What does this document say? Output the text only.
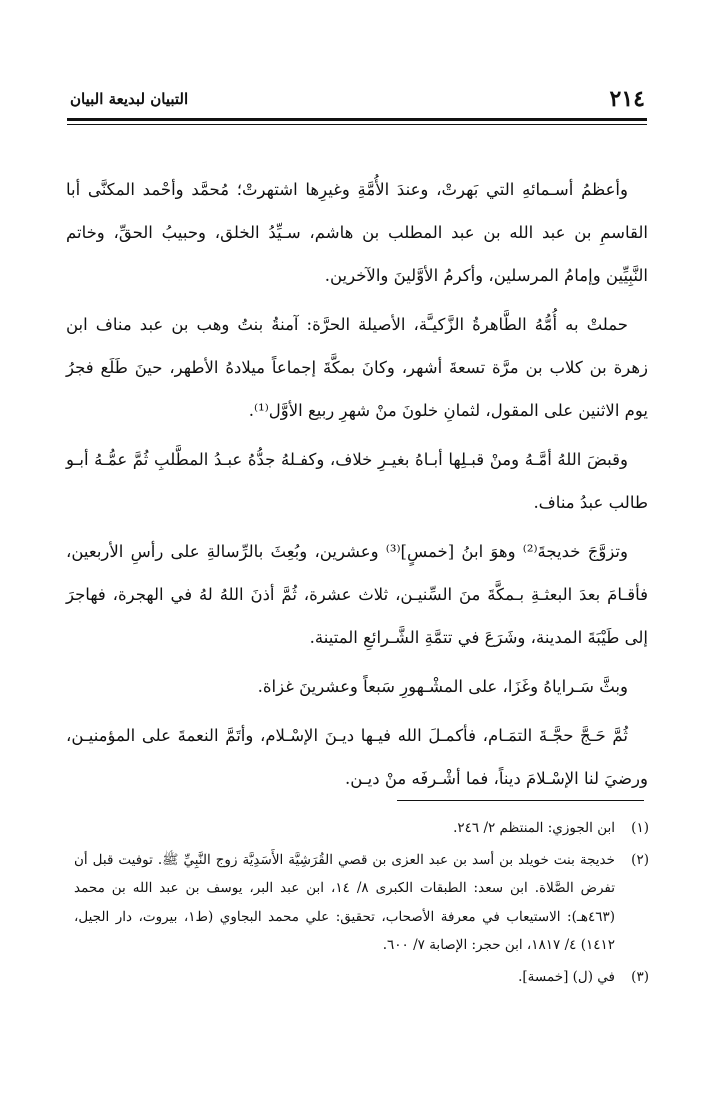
٢١٤
التبيان لبديعة البيان

وأعظمُ أسـمائهِ التي بَهرتْ، وعندَ الأُمَّةِ وغيرِها اشتهرتْ؛ مُحمَّد وأحْمد المكنَّى أبا القاسمِ بن عبد الله بن عبد المطلب بن هاشم، سـيِّدُ الخلق، وحبيبُ الحقِّ، وخاتم النَّبِيِّين وإمامُ المرسلين، وأكرمُ الأوَّلينَ والآخرين.

حملتْ به أُمُّهُ الطَّاهرةُ الزَّكيـَّة، الأصيلة الحرَّة: آمنةُ بنتُ وهب بن عبد مناف ابن زهرة بن كلاب بن مرَّة تسعةَ أشهر، وكانَ بمكَّةَ إجماعاً ميلادهُ الأطهر، حينَ طَلَع فجرُ يوم الاثنين على المقول، لثمانِ خلونَ منْ شهرِ ربيع الأوَّل⁽¹⁾.

وقبضَ اللهُ أمَّـهُ ومنْ قبـلِها أبـاهُ بغيـرِ خلاف، وكفـلهُ جدُّهُ عبـدُ المطَّلبِ ثُمَّ عمُّـهُ أبـو طالب عبدُ مناف.

وتزوَّجَ خديجةَ⁽²⁾ وهوَ ابنُ [خمسٍ]⁽³⁾ وعشرين، وبُعِثَ بالرِّسالةِ على رأسِ الأربعين، فأقـامَ بعدَ البعثـةِ بـمكَّةَ منَ السِّنيـن، ثلاث عشرة، ثُمَّ أذنَ اللهُ لهُ في الهجرة، فهاجرَ إلى طَيْبَةَ المدينة، وشَرَعَ في تتمَّةِ الشَّـرائعِ المتينة.

وبثَّ سَـراياهُ وغَزَا، على المشْـهورِ سَبعاً وعشرينَ غزاة.

ثُمَّ حَـجَّ حجَّـةَ التمَـام، فأكمـلَ الله فيـها ديـنَ الإسْـلام، وأتَمَّ النعمةَ على المؤمنيـن، ورضيَ لنا الإسْـلامَ ديناً، فما أشْـرفَه منْ ديـن.

(١)
ابن الجوزي: المنتظم ٢/ ٢٤٦.
(٢)
خديجة بنت خويلد بن أسد بن عبد العزى بن قصي القُرَشِيَّة الأَسَدِيَّة زوج النَّبِيِّ ﷺ. توفيت قبل أن تفرض الصَّلاة. ابن سعد: الطبقات الكبرى ٨/ ١٤، ابن عبد البر، يوسف بن عبد الله بن محمد (٤٦٣هـ): الاستيعاب في معرفة الأصحاب، تحقيق: علي محمد البجاوي (ط١، بيروت، دار الجيل، ١٤١٢) ٤/ ١٨١٧، ابن حجر: الإصابة ٧/ ٦٠٠.
(٣)
في (ل) [خمسة].
